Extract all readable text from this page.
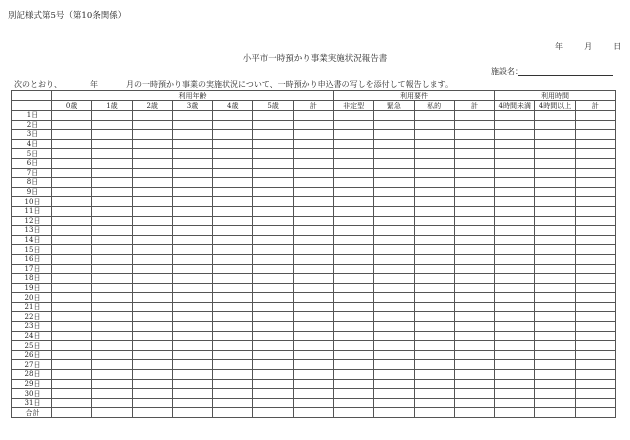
別記様式第5号（第10条関係）
年	月	日
小平市一時預かり事業実施状況報告書
施設名：
次のとおり、	年	月の一時預かり事業の実施状況について、一時預かり申込書の写しを添付して報告します。
	利用年齢							利用要件				利用時間		
	0歳	1歳	2歳	3歳	4歳	5歳	計	非定型	緊急	私的	計	4時間未満	4時間以上	計
1日														
2日														
3日														
4日														
5日														
6日														
7日														
8日														
9日														
10日														
11日														
12日														
13日														
14日														
15日														
16日														
17日														
18日														
19日														
20日														
21日														
22日														
23日														
24日														
25日														
26日														
27日														
28日														
29日														
30日														
31日														
合計														
